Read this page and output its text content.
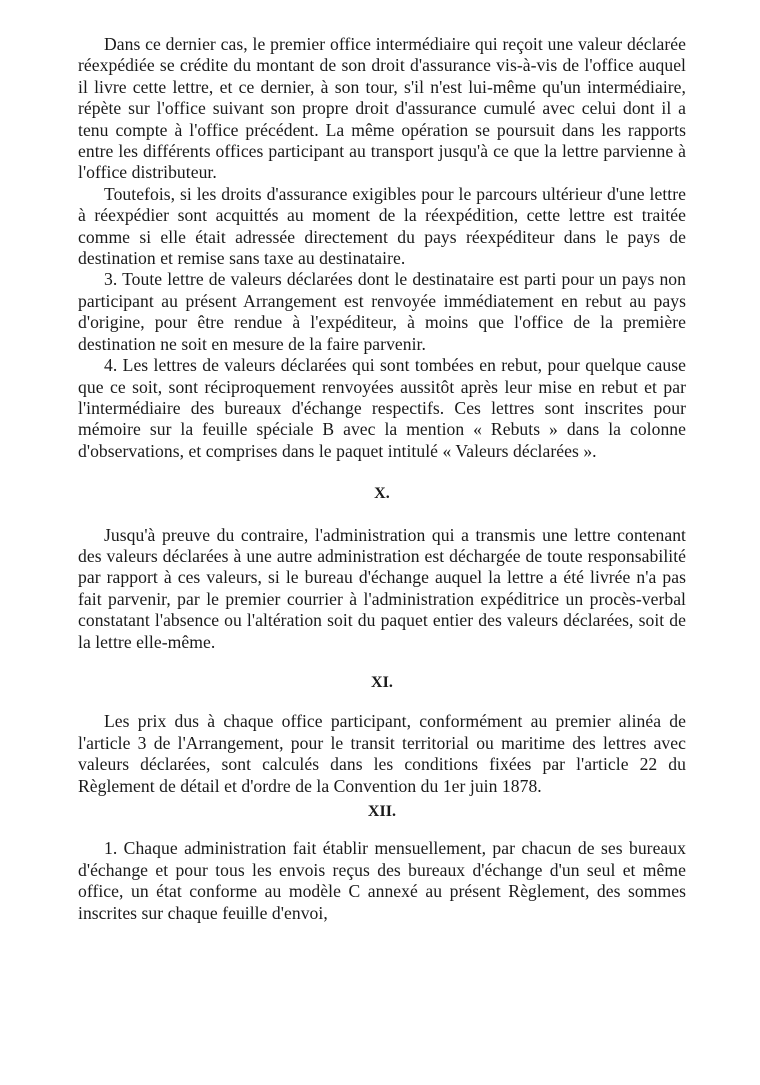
Dans ce dernier cas, le premier office intermédiaire qui reçoit une valeur déclarée réexpédiée se crédite du montant de son droit d'assurance vis-à-vis de l'office auquel il livre cette lettre, et ce dernier, à son tour, s'il n'est lui-même qu'un intermédiaire, répète sur l'office suivant son propre droit d'assurance cumulé avec celui dont il a tenu compte à l'office précédent. La même opération se poursuit dans les rapports entre les différents offices participant au transport jusqu'à ce que la lettre parvienne à l'office distributeur.

Toutefois, si les droits d'assurance exigibles pour le parcours ultérieur d'une lettre à réexpédier sont acquittés au moment de la réexpédition, cette lettre est traitée comme si elle était adressée directement du pays réexpéditeur dans le pays de destination et remise sans taxe au destinataire.

3. Toute lettre de valeurs déclarées dont le destinataire est parti pour un pays non participant au présent Arrangement est renvoyée immédiatement en rebut au pays d'origine, pour être rendue à l'expéditeur, à moins que l'office de la première destination ne soit en mesure de la faire parvenir.

4. Les lettres de valeurs déclarées qui sont tombées en rebut, pour quelque cause que ce soit, sont réciproquement renvoyées aussitôt après leur mise en rebut et par l'intermédiaire des bureaux d'échange respectifs. Ces lettres sont inscrites pour mémoire sur la feuille spéciale B avec la mention « Rebuts » dans la colonne d'observations, et comprises dans le paquet intitulé « Valeurs déclarées ».

X.

Jusqu'à preuve du contraire, l'administration qui a transmis une lettre contenant des valeurs déclarées à une autre administration est déchargée de toute responsabilité par rapport à ces valeurs, si le bureau d'échange auquel la lettre a été livrée n'a pas fait parvenir, par le premier courrier à l'administration expéditrice un procès-verbal constatant l'absence ou l'altération soit du paquet entier des valeurs déclarées, soit de la lettre elle-même.

XI.

Les prix dus à chaque office participant, conformément au premier alinéa de l'article 3 de l'Arrangement, pour le transit territorial ou maritime des lettres avec valeurs déclarées, sont calculés dans les conditions fixées par l'article 22 du Règlement de détail et d'ordre de la Convention du 1er juin 1878.

XII.

1. Chaque administration fait établir mensuellement, par chacun de ses bureaux d'échange et pour tous les envois reçus des bureaux d'échange d'un seul et même office, un état conforme au modèle C annexé au présent Règlement, des sommes inscrites sur chaque feuille d'envoi,
